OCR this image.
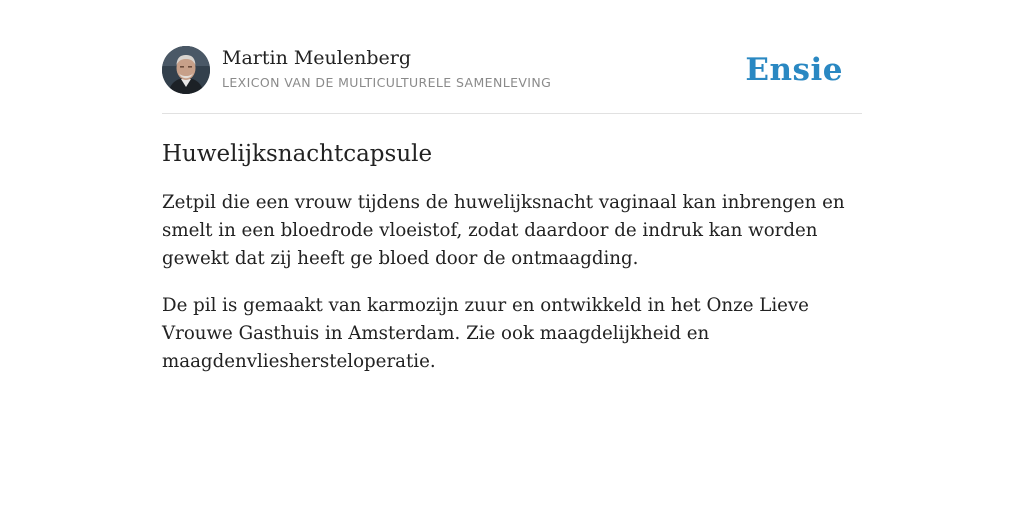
Martin Meulenberg
LEXICON VAN DE MULTICULTURELE SAMENLEVING	Ensie
Huwelijksnachtcapsule

Zetpil die een vrouw tijdens de huwelijksnacht vaginaal kan inbrengen en smelt in een bloedrode vloeistof, zodat daardoor de indruk kan worden gewekt dat zij heeft ge bloed door de ontmaagding.

De pil is gemaakt van karmozijn zuur en ontwikkeld in het Onze Lieve Vrouwe Gasthuis in Amsterdam. Zie ook maagdelijkheid en maagdenvlieshersteloperatie.
